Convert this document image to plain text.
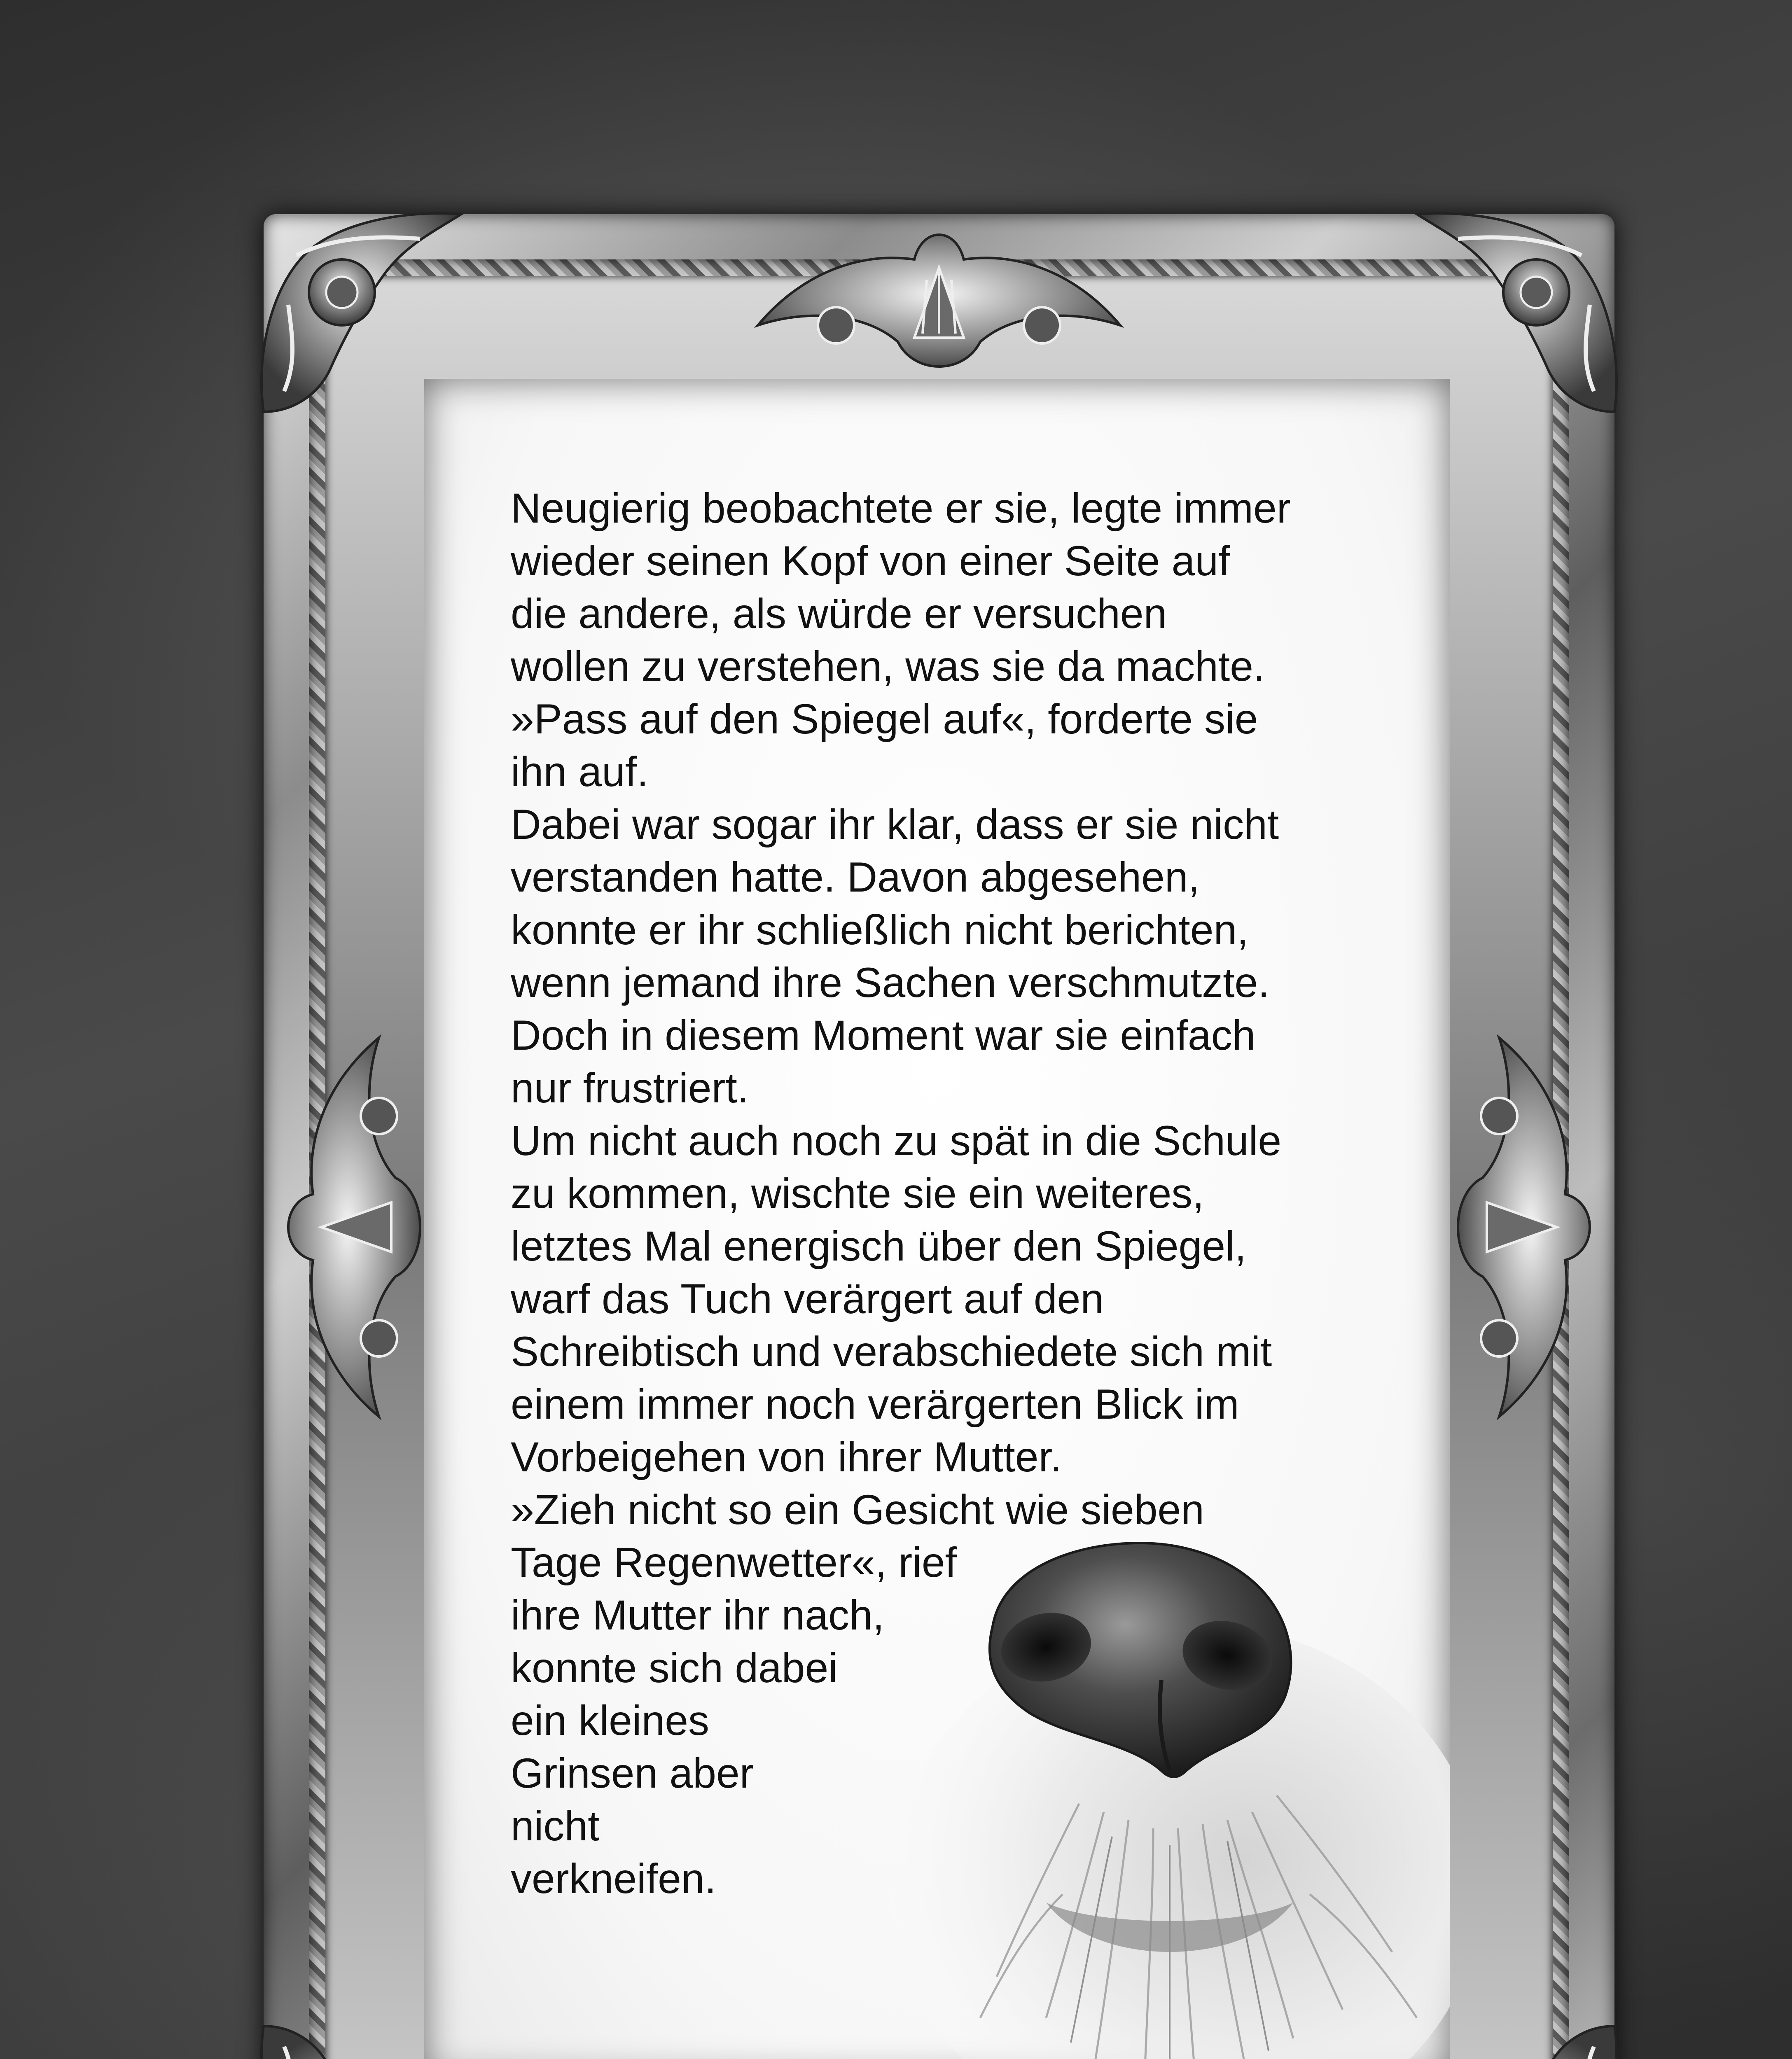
Neugierig beobachtete er sie, legte immer
wieder seinen Kopf von einer Seite auf
die andere, als würde er versuchen
wollen zu verstehen, was sie da machte.
»Pass auf den Spiegel auf«, forderte sie
ihn auf.
Dabei war sogar ihr klar, dass er sie nicht
verstanden hatte. Davon abgesehen,
konnte er ihr schließlich nicht berichten,
wenn jemand ihre Sachen verschmutzte.
Doch in diesem Moment war sie einfach
nur frustriert.
Um nicht auch noch zu spät in die Schule
zu kommen, wischte sie ein weiteres,
letztes Mal energisch über den Spiegel,
warf das Tuch verärgert auf den
Schreibtisch und verabschiedete sich mit
einem immer noch verärgerten Blick im
Vorbeigehen von ihrer Mutter.
»Zieh nicht so ein Gesicht wie sieben
Tage Regenwetter«, rief
ihre Mutter ihr nach,
konnte sich dabei
ein kleines
Grinsen aber
nicht
verkneifen.
